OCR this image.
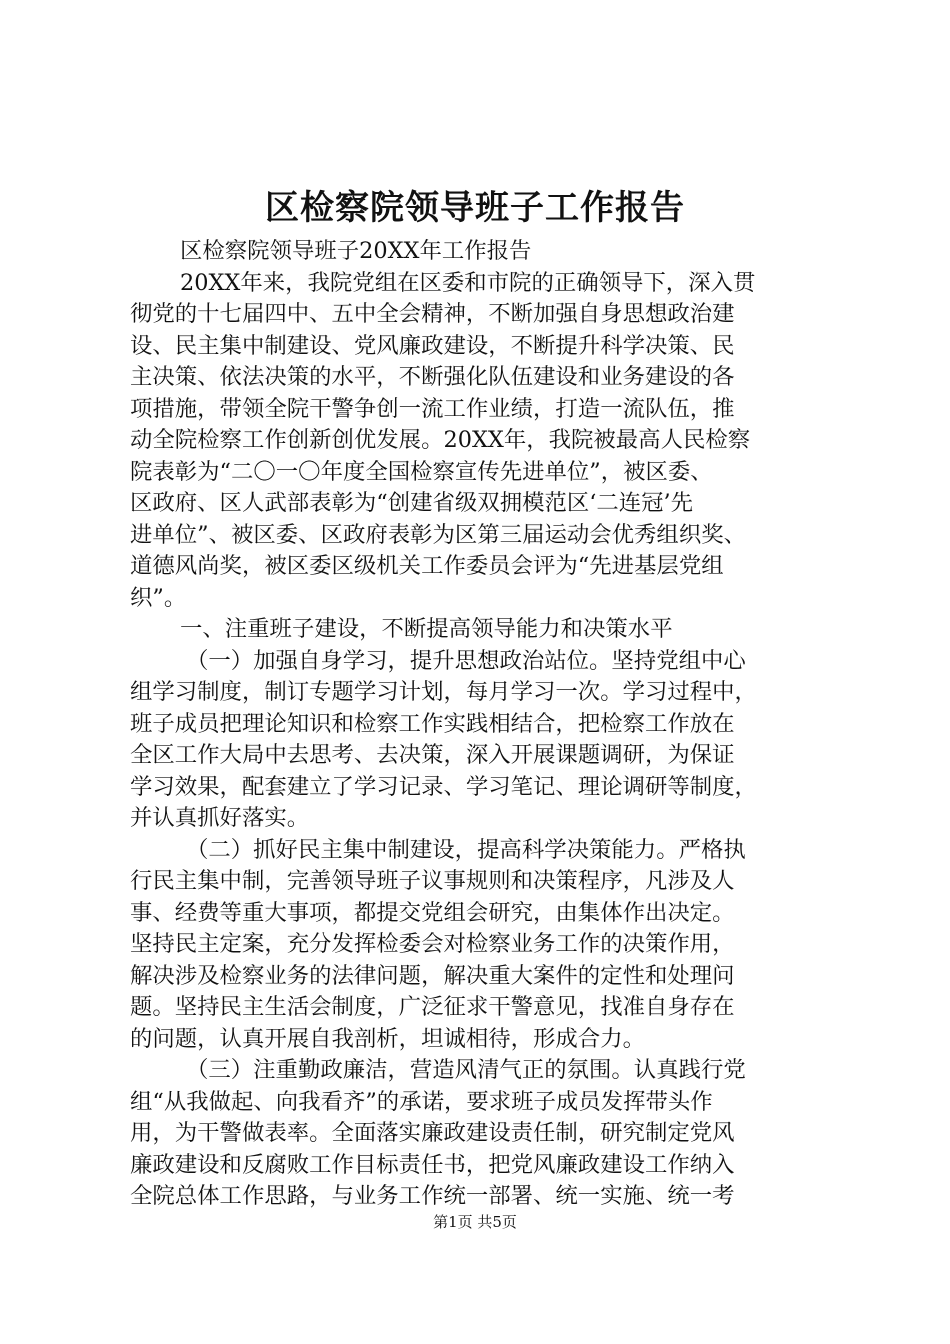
区检察院领导班子工作报告
区检察院领导班子20XX年工作报告
20XX年来，我院党组在区委和市院的正确领导下，深入贯
彻党的十七届四中、五中全会精神，不断加强自身思想政治建
设、民主集中制建设、党风廉政建设，不断提升科学决策、民
主决策、依法决策的水平，不断强化队伍建设和业务建设的各
项措施，带领全院干警争创一流工作业绩，打造一流队伍，推
动全院检察工作创新创优发展。20XX年，我院被最高人民检察
院表彰为“二〇一〇年度全国检察宣传先进单位”，被区委、
区政府、区人武部表彰为“创建省级双拥模范区‘二连冠’先
进单位”、被区委、区政府表彰为区第三届运动会优秀组织奖、
道德风尚奖，被区委区级机关工作委员会评为“先进基层党组
织”。
一、注重班子建设，不断提高领导能力和决策水平
（一）加强自身学习，提升思想政治站位。坚持党组中心
组学习制度，制订专题学习计划，每月学习一次。学习过程中，
班子成员把理论知识和检察工作实践相结合，把检察工作放在
全区工作大局中去思考、去决策，深入开展课题调研，为保证
学习效果，配套建立了学习记录、学习笔记、理论调研等制度，
并认真抓好落实。
（二）抓好民主集中制建设，提高科学决策能力。严格执
行民主集中制，完善领导班子议事规则和决策程序，凡涉及人
事、经费等重大事项，都提交党组会研究，由集体作出决定。
坚持民主定案，充分发挥检委会对检察业务工作的决策作用，
解决涉及检察业务的法律问题，解决重大案件的定性和处理问
题。坚持民主生活会制度，广泛征求干警意见，找准自身存在
的问题，认真开展自我剖析，坦诚相待，形成合力。
（三）注重勤政廉洁，营造风清气正的氛围。认真践行党
组“从我做起、向我看齐”的承诺，要求班子成员发挥带头作
用，为干警做表率。全面落实廉政建设责任制，研究制定党风
廉政建设和反腐败工作目标责任书，把党风廉政建设工作纳入
全院总体工作思路，与业务工作统一部署、统一实施、统一考
第1页 共5页
